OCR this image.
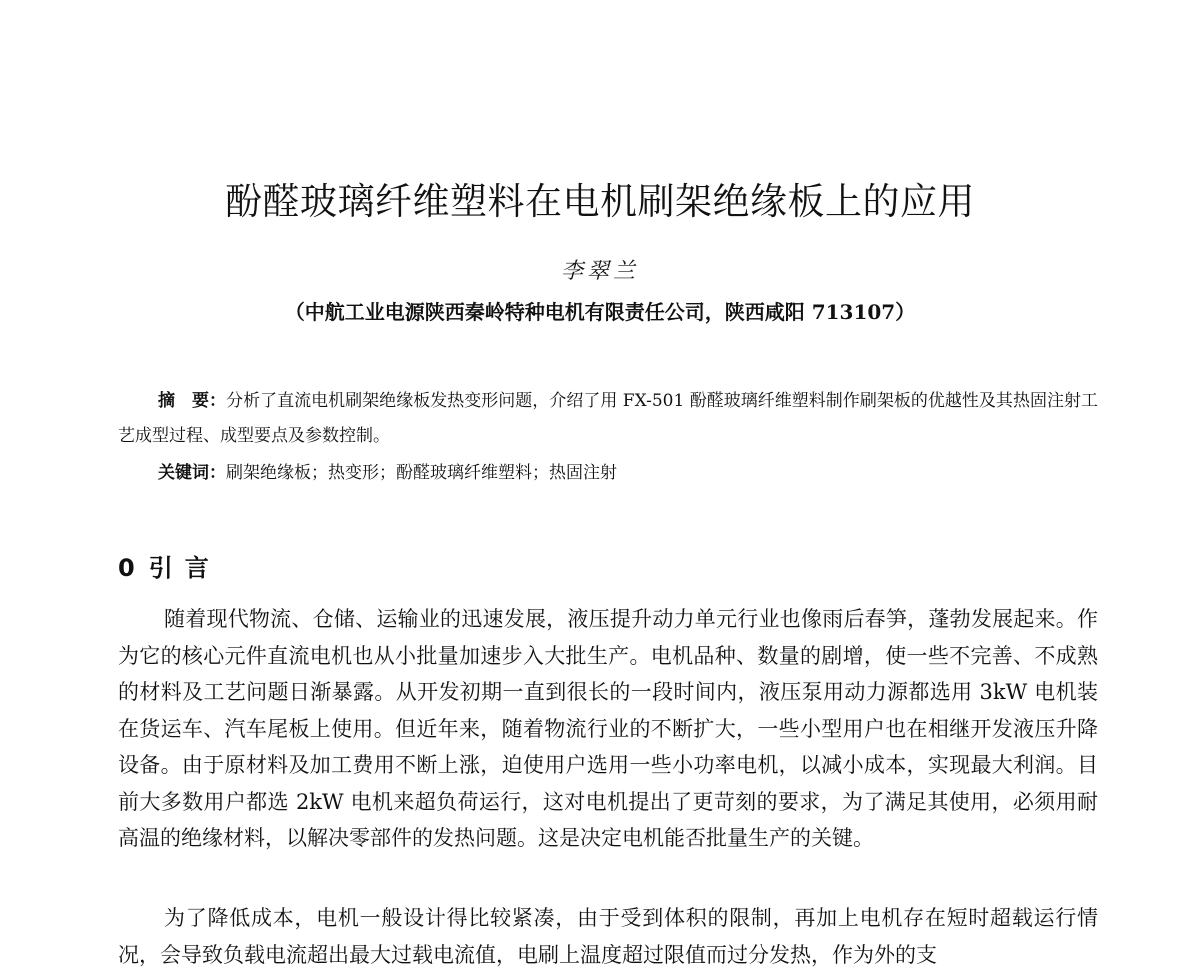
酚醛玻璃纤维塑料在电机刷架绝缘板上的应用
李翠兰
（中航工业电源陕西秦岭特种电机有限责任公司，陕西咸阳 713107）

摘　要：分析了直流电机刷架绝缘板发热变形问题，介绍了用 FX-501 酚醛玻璃纤维塑料制作刷架板的优越性及其热固注射工艺成型过程、成型要点及参数控制。

关键词：刷架绝缘板；热变形；酚醛玻璃纤维塑料；热固注射

0 引言

随着现代物流、仓储、运输业的迅速发展，液压提升动力单元行业也像雨后春笋，蓬勃发展起来。作为它的核心元件直流电机也从小批量加速步入大批生产。电机品种、数量的剧增，使一些不完善、不成熟的材料及工艺问题日渐暴露。从开发初期一直到很长的一段时间内，液压泵用动力源都选用 3kW 电机装在货运车、汽车尾板上使用。但近年来，随着物流行业的不断扩大，一些小型用户也在相继开发液压升降设备。由于原材料及加工费用不断上涨，迫使用户选用一些小功率电机，以减小成本，实现最大利润。目前大多数用户都选 2kW 电机来超负荷运行，这对电机提出了更苛刻的要求，为了满足其使用，必须用耐高温的绝缘材料，以解决零部件的发热问题。这是决定电机能否批量生产的关键。

为了降低成本，电机一般设计得比较紧凑，由于受到体积的限制，再加上电机存在短时超载运行情况，会导致负载电流超出最大过载电流值，电刷上温度超过限值而过分发热，作为外的支
